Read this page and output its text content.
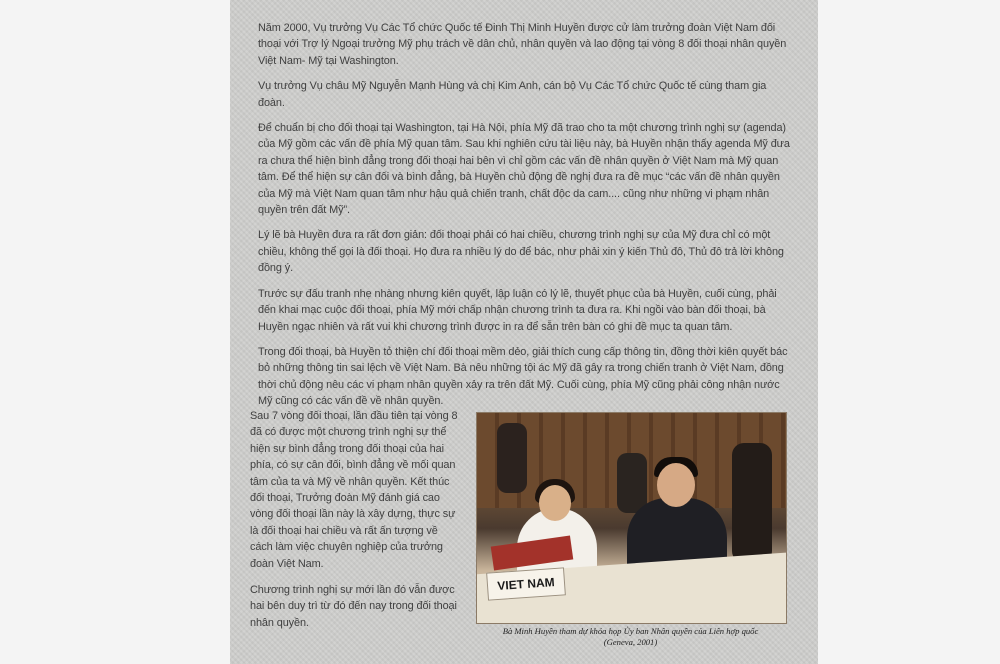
Năm 2000, Vụ trưởng Vụ Các Tổ chức Quốc tế Đinh Thị Minh Huyền được cử làm trưởng đoàn Việt Nam đối thoại với Trợ lý Ngoại trưởng Mỹ phụ trách về dân chủ, nhân quyền và lao động tại vòng 8 đối thoại nhân quyền Việt Nam- Mỹ tại Washington.

Vụ trưởng Vụ châu Mỹ Nguyễn Mạnh Hùng và chị Kim Anh, cán bộ Vụ Các Tổ chức Quốc tế cùng tham gia đoàn.

Để chuẩn bị cho đối thoại tại Washington, tại Hà Nội, phía Mỹ đã trao cho ta một chương trình nghị sự (agenda) của Mỹ gồm các vấn đề phía Mỹ quan tâm. Sau khi nghiên cứu tài liệu này, bà Huyền nhận thấy agenda Mỹ đưa ra chưa thể hiện bình đẳng trong đối thoại hai bên vì chỉ gồm các vấn đề nhân quyền ở Việt Nam mà Mỹ quan tâm. Để thể hiện sự cân đối và bình đẳng, bà Huyền chủ động đề nghị đưa ra đề mục “các vấn đề nhân quyền của Mỹ mà Việt Nam quan tâm như hậu quả chiến tranh, chất độc da cam.... cũng như những vi phạm nhân quyền trên đất Mỹ”.

Lý lẽ bà Huyền đưa ra rất đơn giản: đối thoại phải có hai chiều, chương trình nghị sự của Mỹ đưa chỉ có một chiều, không thể gọi là đối thoại. Họ đưa ra nhiều lý do để bác, như phải xin ý kiến Thủ đô, Thủ đô trả lời không đồng ý.

Trước sự đấu tranh nhẹ nhàng nhưng kiên quyết, lập luận có lý lẽ, thuyết phục của bà Huyền, cuối cùng, phải đến khai mạc cuộc đối thoại, phía Mỹ mới chấp nhận chương trình ta đưa ra. Khi ngồi vào bàn đối thoại, bà Huyền ngạc nhiên và rất vui khi chương trình được in ra để sẵn trên bàn có ghi đề mục ta quan tâm.

Trong đối thoại, bà Huyền tỏ thiện chí đối thoại mềm dẻo, giải thích cung cấp thông tin, đồng thời kiên quyết bác bỏ những thông tin sai lệch về Việt Nam. Bà nêu những tội ác Mỹ đã gây ra trong chiến tranh ở Việt Nam, đồng thời chủ động nêu các vi phạm nhân quyền xảy ra trên đất Mỹ. Cuối cùng, phía Mỹ cũng phải công nhận nước Mỹ cũng có các vấn đề về nhân quyền.

Sau 7 vòng đối thoại, lần đầu tiên tại vòng 8 đã có được một chương trình nghị sự thể hiện sự bình đẳng trong đối thoại của hai phía, có sự cân đối, bình đẳng về mối quan tâm của ta và Mỹ về nhân quyền. Kết thúc đối thoại, Trưởng đoàn Mỹ đánh giá cao vòng đối thoại lần này là xây dựng, thực sự là đối thoại hai chiều và rất ấn tượng về cách làm việc chuyên nghiệp của trưởng đoàn Việt Nam.

Chương trình nghị sự mới lần đó vẫn được hai bên duy trì từ đó đến nay trong đối thoại nhân quyền.

VIET NAM
Bà Minh Huyền tham dự khóa họp Ủy ban Nhân quyền của Liên hợp quốc
(Geneva, 2001)
